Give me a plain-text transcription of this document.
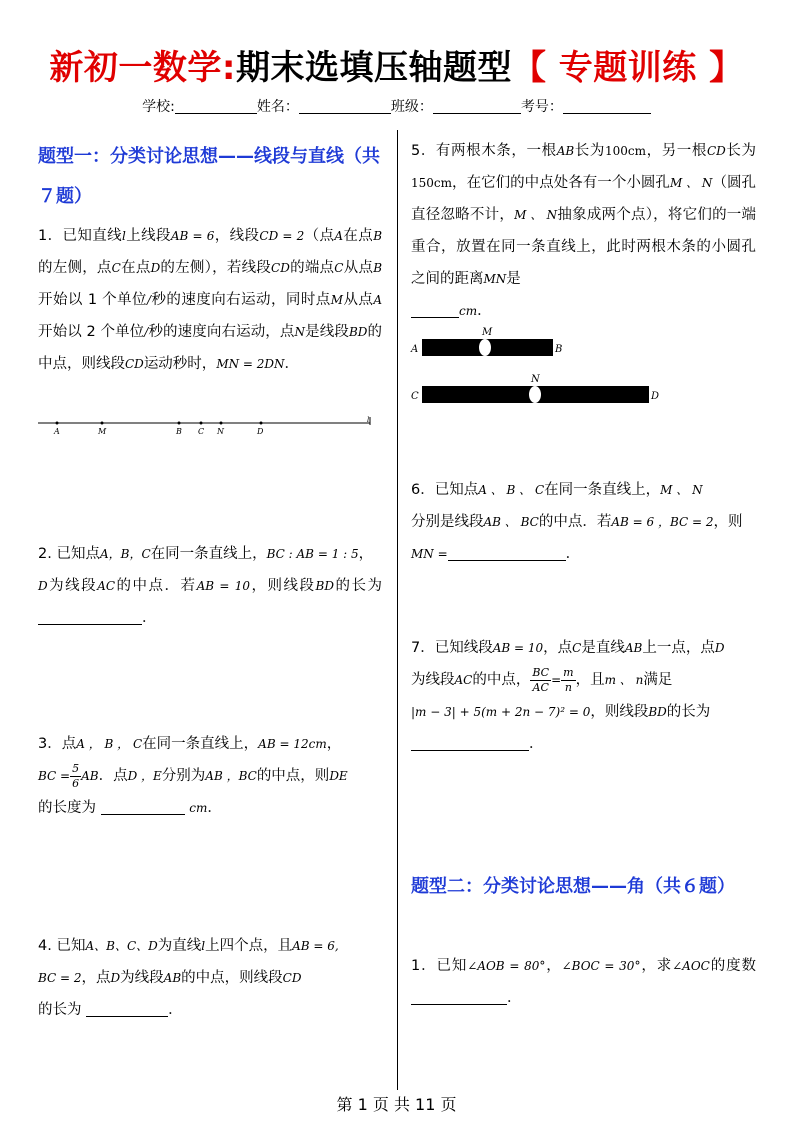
新初一数学:期末选填压轴题型【 专题训练 】
学校:	姓名：	班级：	考号：
题型一：分类讨论思想——线段与直线（共７题）
1．已知直线l上线段AB = 6，线段CD = 2（点A在点B的左侧，点C在点D的左侧），若线段CD的端点C从点B开始以 1 个单位/秒的速度向右运动，同时点M从点A开始以 2 个单位/秒的速度向右运动，点N是线段BD的中点，则线段CD运动秒时，MN = 2DN．
A	M	B C N	D
l
2. 已知点A，B，C在同一条直线上，BC : AB = 1 : 5，
D为线段AC的中点．若AB = 10，则线段BD的长为 ．
3．点A ， B ， C在同一条直线上，AB = 12cm，
BC = $\frac{5}{6}$ AB．点D ，E分别为AB ，BC的中点，则DE
的长度为	cm．
4. 已知A、B、C、D为直线l上四个点，且AB = 6,
BC = 2，点D为线段AB的中点，则线段CD
的长为	．
5．有两根木条，一根AB长为100cm，另一根CD长为150cm，在它们的中点处各有一个小圆孔M 、 N（圆孔直径忽略不计，M 、 N抽象成两个点），将它们的一端重合，放置在同一条直线上，此时两根木条的小圆孔之间的距离MN是
cm．
A
M
B
C
N
D
6．已知点A 、 B 、 C在同一条直线上，M 、 N
分别是线段AB 、 BC的中点．若AB = 6 ，BC = 2，则
MN =	．
7．已知线段AB = 10，点C是直线AB上一点，点D
为线段AC的中点， $\frac{BC}{AC} = \frac{m}{n}$ ，且m 、 n满足
|m − 3| + 5(m + 2n − 7)² = 0，则线段BD的长为
．
题型二：分类讨论思想——角（共６题）
1．已知∠AOB = 80°，∠BOC = 30°，求∠AOC的度数 ．
第 1 页 共 11 页
